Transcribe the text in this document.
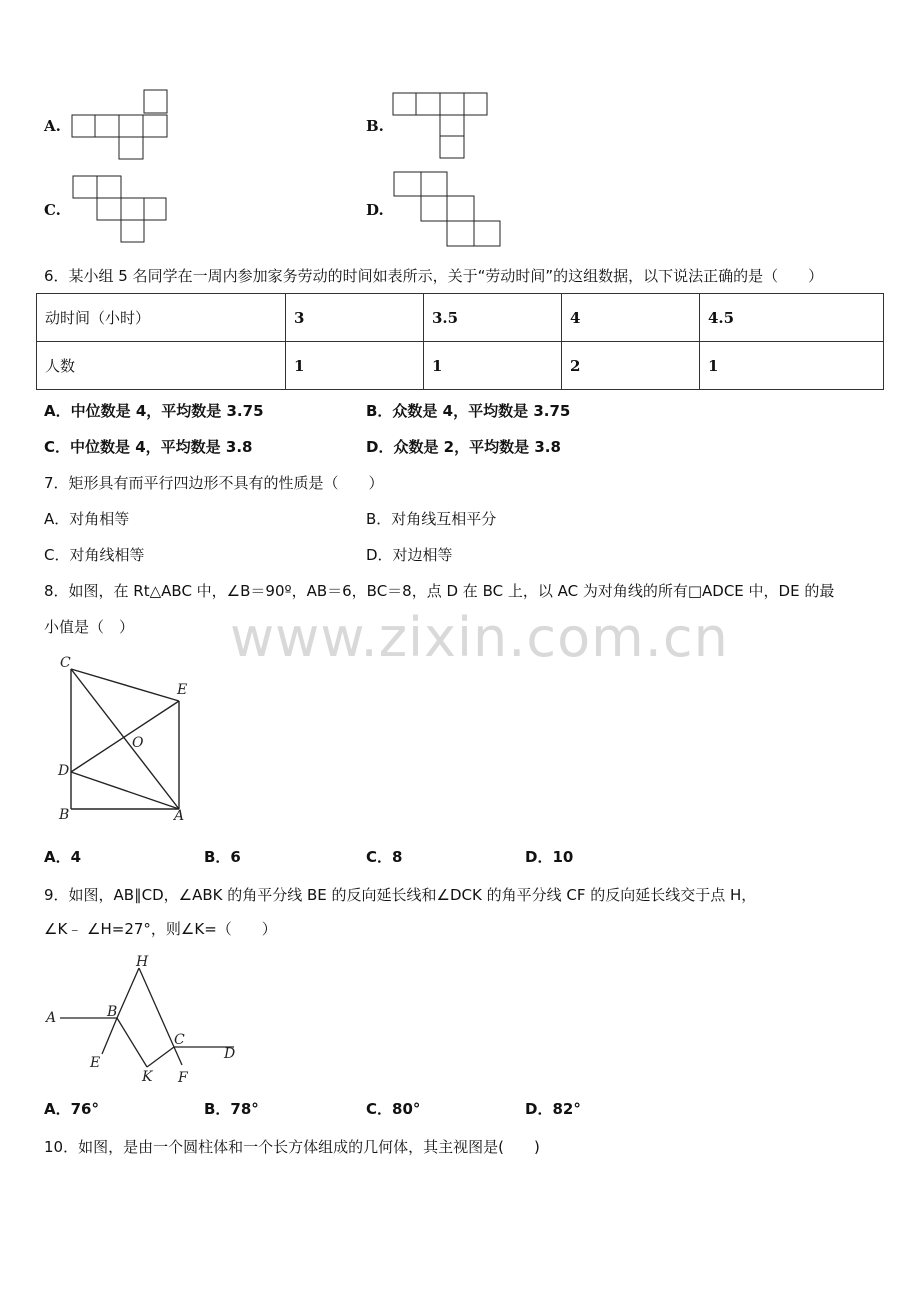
www.zixin.com.cn
A.	B.
C.	D.
6．某小组 5 名同学在一周内参加家务劳动的时间如表所示，关于“劳动时间”的这组数据，以下说法正确的是（　　）
动时间（小时）	3	3.5	4	4.5
人数	1	1	2	1
A．中位数是 4，平均数是 3.75	B．众数是 4，平均数是 3.75
C．中位数是 4，平均数是 3.8	D．众数是 2，平均数是 3.8
7．矩形具有而平行四边形不具有的性质是（　　）
A．对角相等	B．对角线互相平分
C．对角线相等	D．对边相等
8．如图，在 Rt△ABC 中，∠B＝90º，AB＝6，BC＝8，点 D 在 BC 上，以 AC 为对角线的所有□ADCE 中，DE 的最
小值是（　）
C
E
O
D
B	A
A．4	B．6	C．8	D．10
9．如图，AB∥CD，∠ABK 的角平分线 BE 的反向延长线和∠DCK 的角平分线 CF 的反向延长线交于点 H，
∠K﹣ ∠H=27°，则∠K=（　　）
H
A	B
C
D
E
K F
A．76°	B．78°	C．80°	D．82°
10．如图，是由一个圆柱体和一个长方体组成的几何体，其主视图是(　　)
